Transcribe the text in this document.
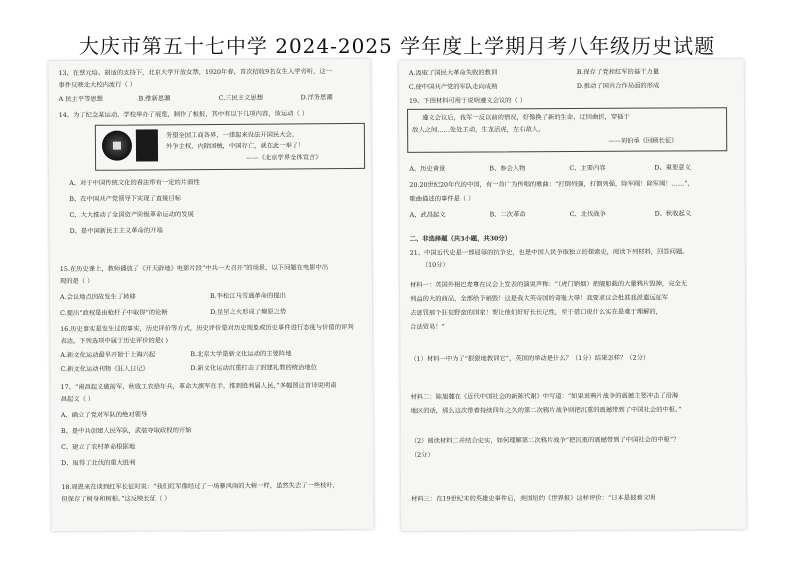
大庆市第五十七中学 2024-2025 学年度上学期月考八年级历史试题
13、在蔡元培、胡适的支持下，北京大学开放女禁，1920年春，首次招收9名女生入学旁听，这一
事件反映北大校内流行（ ）
A 民主平等思想	B.维新思潮	C.三民主义思想	D.洋务思潮
14、为了纪念某运动，学校举办了展览，制作了板报，其中有以下几项内容，该运动（ ）
务望全国工商各界，一律起来设法开国民大会，
外争主权，内除国贼，中国存亡，就在此一举了！
——《北京学界全体宣言》
A、对于中国传统文化的看法带有一定的片面性
B、在中国共产党领导下实现了直接目标
C、大大推动了全国资产阶级革命运动的发展
D、是中国新民主主义革命的开端
15.在历史课上，教师播放了《开天辟地》电影片段“中共一大召开”的场景，以下问题在电影中出
现的是（ ）
A.会议地点因故发生了转移	B.李松江马雪通革命的提出
C.提出“政权是由枪杆子中取得”的论断	D.星星之火形成了燎原之势
16.历史事实是发生过的事实，历史评价等方式，历史评价是对历史现象或历史事件进行态度与价值的评判
表达。下列选项中属于历史评价的是( )
A.新文化运动最早开始于上海兴起	B.北京大学是新文化运动的主要阵地
C.新文化运动刊物《狂人日记》	D.新文化运动沉重打击了封建礼教的统治地位
17、“南昌起义破前军，秋收工农拾年兵，革命大旗军在手，推到胜利属人民，”多幅图这首诗说明南
昌起义（ ）
A、确立了党对军队的绝对领导
B、是中共创建人民军队，武装夺取政权的开始
C、建立了农村革命根据地
D、取得了北伐的重大胜利
18.周恩来在谈到红军长征时说：“我们红军像经过了一场暴风雨的大树一样，虽然失去了一些枝叶，
但保存了树身和树根。”这反映长征（ ）
A.汲取了国民大革命失败的教训	B.保存了党和红军的基干力量
C.使中国共产党的军队走向成熟	D.推动了国共合作局面的形成
19、下图材料可用于说明遵义会议的（ ）
遵义会议后，我军一反以前的情况，好像换了新的生命，迂回曲折，穿插于
敌人之间……处处主动，生龙活虎，左右敌人，
——刘伯承《回顾长征》
A、历史背景	B、参会人物	C、主要内容	D、重要意义
20.20世纪20年代的中国，有一首广为传唱的歌曲：“打倒列强，打倒列强，除军阀！除军阀！……”，
歌曲描述的事件是（ ）
A、武昌起义	B、二次革命	C、北伐战争	D、秋收起义
二、非选择题（共3小题，共30分）
21、中国近代史是一部屈辱的抗争史，也是中国人民争取独立的探索史，阅读下列材料，回答问题。
（10分）
材料一：英国外相巴麦尊在议会上发表的演说声称：“（虎门销烟）把舰船载的大量鸦片毁掉，完全无
利益的大的商品，全部给予销毁！这是我大英帝国的奇耻大辱！我要求议会批准我派遣远征军
去惩罚那个狂妄野蛮的国家！要让他们好好长长记性，至于借口说什么实在是难于理解的，
合法贸易！”
（1）材料一中为了“狠狠地教训它”，英国的举动是什么？（1分）结果怎样？（2分）
材料二：陈旭麓在《近代中国社会的新陈代谢》中写道：“如果说鸦片战争的震撼主要冲击了沿海
地区的话，那么这次带着持续四年之久的第二次鸦片战争则把沉重的震撼带到了中国社会的中枢。”
（2）阅读材料二并结合史实，如何理解第二次鸦片战争“把沉重的震撼带到了中国社会的中枢”？
（2分）
材料三：在19世纪末的英雄史事件后，美国纽约《世界报》这样评价：“日本是披着文明
